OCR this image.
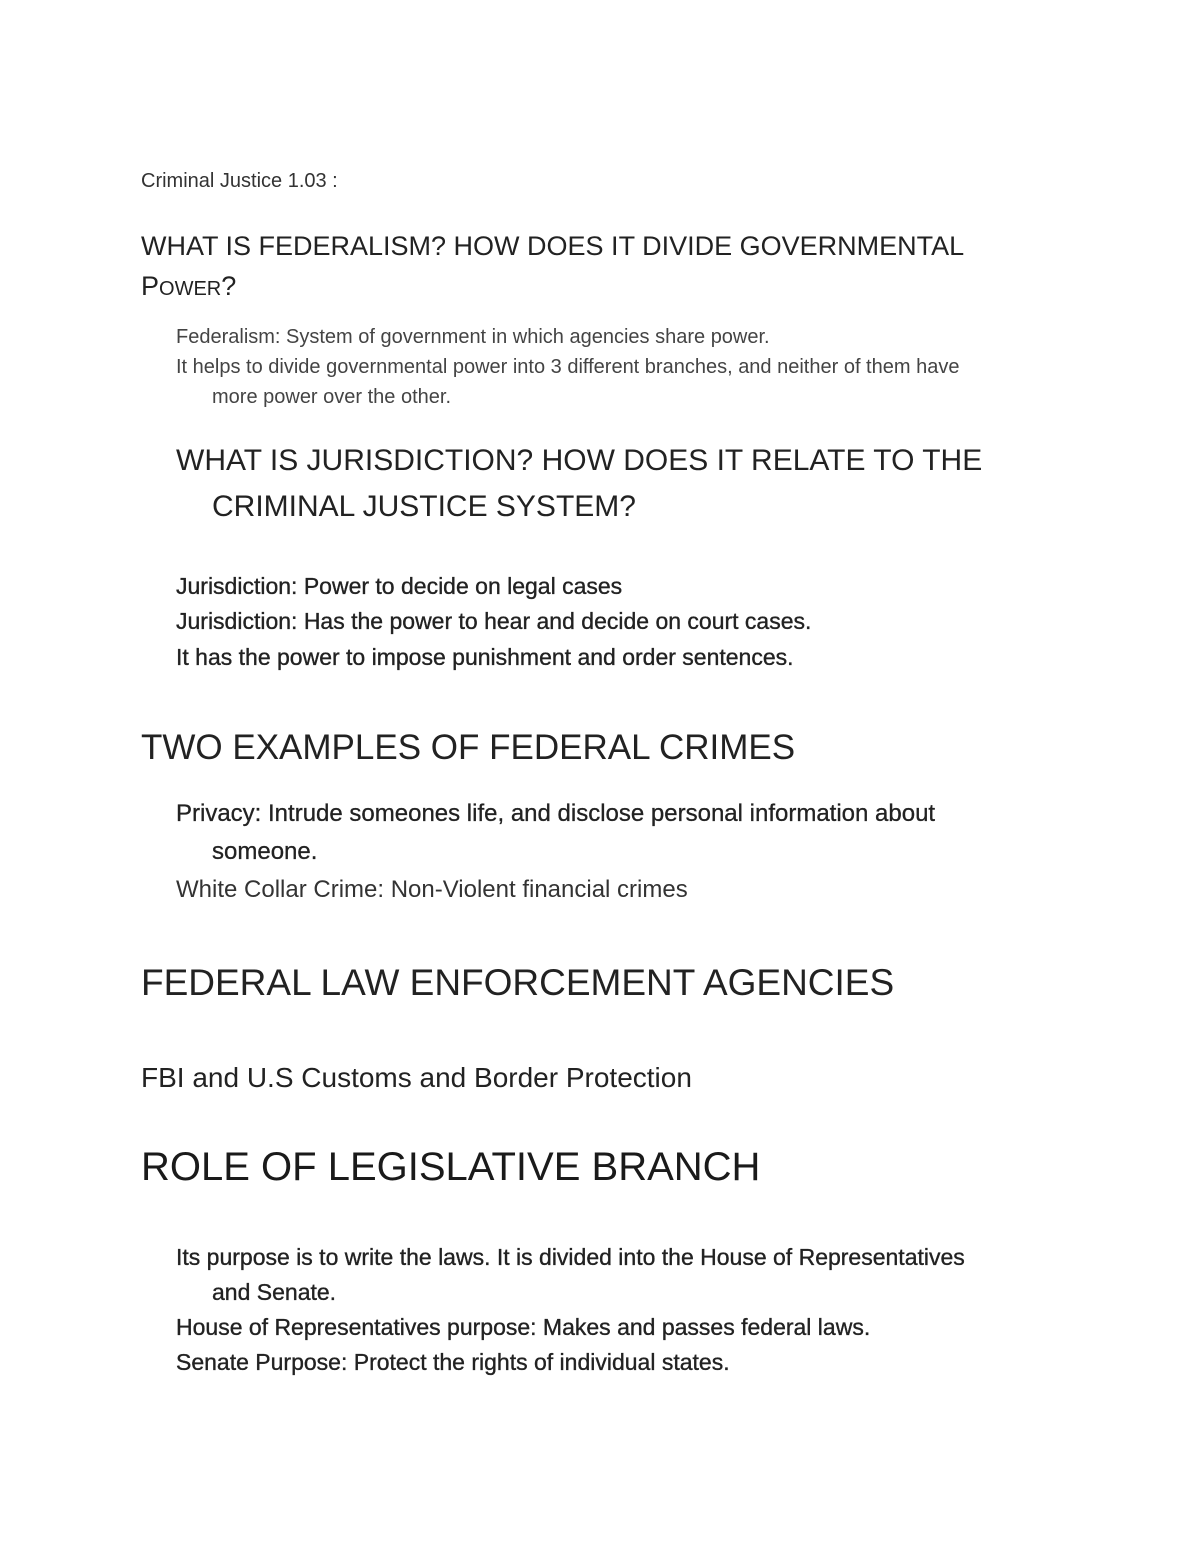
Criminal Justice 1.03 :

WHAT IS FEDERALISM? HOW DOES IT DIVIDE GOVERNMENTAL POWER?

Federalism: System of government in which agencies share power.

It helps to divide governmental power into 3 different branches, and neither of them have

more power over the other.

WHAT IS JURISDICTION? HOW DOES IT RELATE TO THE
CRIMINAL JUSTICE SYSTEM?

Jurisdiction: Power to decide on legal cases

Jurisdiction: Has the power to hear and decide on court cases.

It has the power to impose punishment and order sentences.

TWO EXAMPLES OF FEDERAL CRIMES

Privacy: Intrude someones life, and disclose personal information about

someone.

White Collar Crime: Non-Violent financial crimes

FEDERAL LAW ENFORCEMENT AGENCIES

FBI and U.S Customs and Border Protection

ROLE OF LEGISLATIVE BRANCH

Its purpose is to write the laws. It is divided into the House of Representatives

and Senate.

House of Representatives purpose: Makes and passes federal laws.

Senate Purpose: Protect the rights of individual states.
